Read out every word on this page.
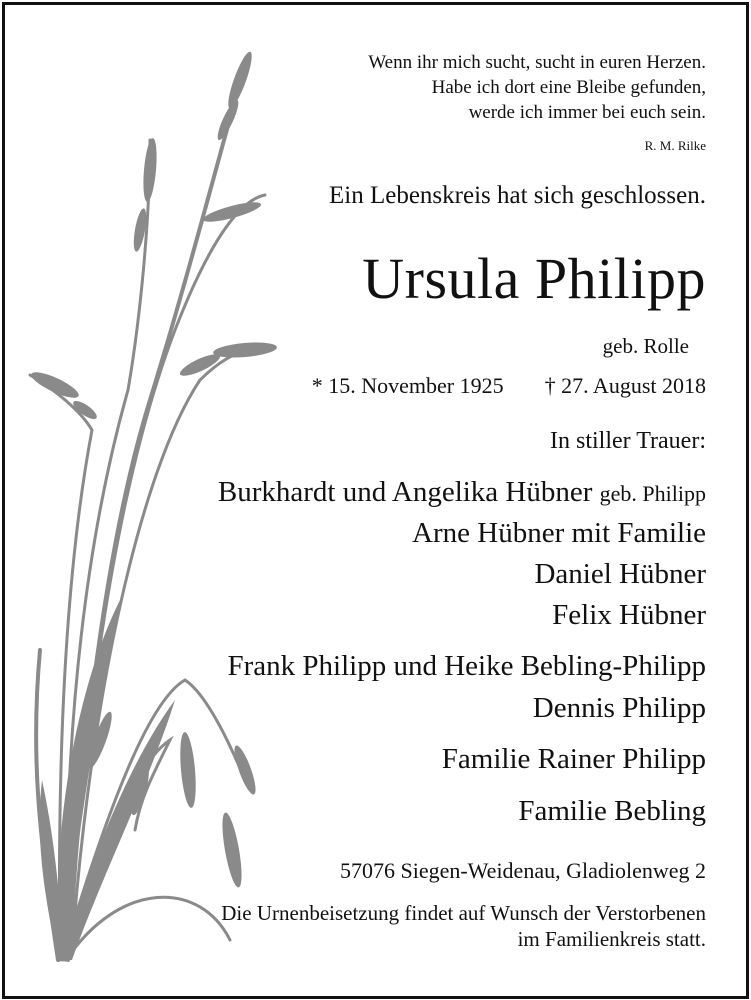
Wenn ihr mich sucht, sucht in euren Herzen.
Habe ich dort eine Bleibe gefunden,
werde ich immer bei euch sein.
R. M. Rilke
Ein Lebenskreis hat sich geschlossen.
Ursula Philipp
geb. Rolle
* 15. November 1925 † 27. August 2018
In stiller Trauer:
Burkhardt und Angelika Hübner geb. Philipp
Arne Hübner mit Familie
Daniel Hübner
Felix Hübner
Frank Philipp und Heike Bebling-Philipp
Dennis Philipp
Familie Rainer Philipp
Familie Bebling
57076 Siegen-Weidenau, Gladiolenweg 2
Die Urnenbeisetzung findet auf Wunsch der Verstorbenen
im Familienkreis statt.
